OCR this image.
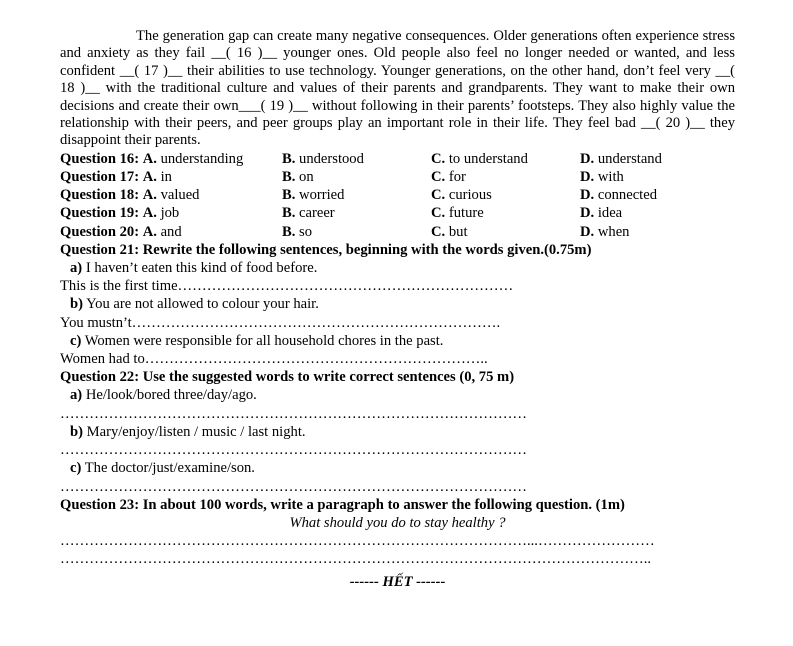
The generation gap can create many negative consequences. Older generations often experience stress and anxiety as they fail __( 16 )__ younger ones. Old people also feel no longer needed or wanted, and less confident __( 17 )__ their abilities to use technology. Younger generations, on the other hand, don’t feel very __( 18 )__ with the traditional culture and values of their parents and grandparents. They want to make their own decisions and create their own___( 19 )__ without following in their parents’ footsteps. They also highly value the relationship with their peers, and peer groups play an important role in their life. They feel bad __( 20 )__ they disappoint their parents.

Question 16: A. understanding	B. understood	C. to understand	D. understand
Question 17: A. in	B. on	C. for	D. with
Question 18: A. valued	B. worried	C. curious	D. connected
Question 19: A. job	B. career	C. future	D. idea
Question 20: A. and	B. so	C. but	D. when
Question 21: Rewrite the following sentences, beginning with the words given.(0.75m)
a) I haven’t eaten this kind of food before.
This is the first time……………………………………………………………
b) You are not allowed to colour your hair.
You mustn’t………………………………………………………………….
c) Women were responsible for all household chores in the past.
Women had to……………………………………………………………..
Question 22: Use the suggested words to write correct sentences (0, 75 m)
a) He/look/bored three/day/ago.
……………………………………………………………………………………
b) Mary/enjoy/listen / music / last night.
……………………………………………………………………………………
c) The doctor/just/examine/son.
……………………………………………………………………………………
Question 23: In about 100 words, write a paragraph to answer the following question. (1m)
What should you do to stay healthy ?
……………………………………………………………………………………...……………………
…………………………………………………………………………………………………………..
------ HẾT ------
